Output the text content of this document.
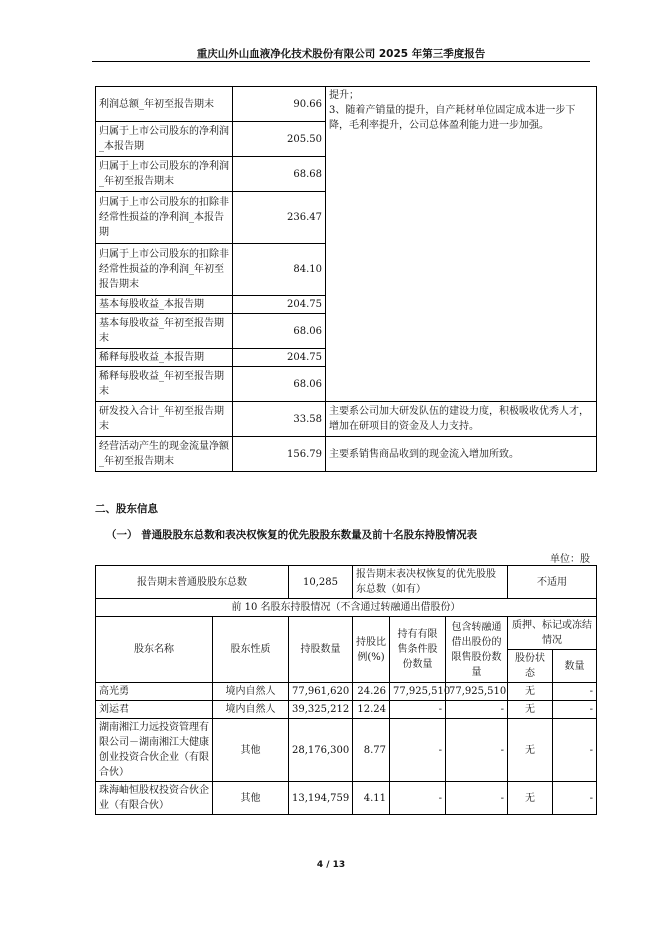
重庆山外山血液净化技术股份有限公司 2025 年第三季度报告
利润总额_年初至报告期末	90.66	提升；
3、随着产销量的提升，自产耗材单位固定成本进一步下降，毛利率提升，公司总体盈利能力进一步加强。

归属于上市公司股东的净利润_本报告期	205.50	
归属于上市公司股东的净利润_年初至报告期末	68.68	
归属于上市公司股东的扣除非经常性损益的净利润_本报告期	236.47	
归属于上市公司股东的扣除非经常性损益的净利润_年初至报告期末	84.10	
基本每股收益_本报告期	204.75	
基本每股收益_年初至报告期末	68.06	
稀释每股收益_本报告期	204.75	
稀释每股收益_年初至报告期末	68.06	
研发投入合计_年初至报告期末	33.58	主要系公司加大研发队伍的建设力度，积极吸收优秀人才，增加在研项目的资金及人力支持。
经营活动产生的现金流量净额_年初至报告期末	156.79	主要系销售商品收到的现金流入增加所致。
二、股东信息
（一） 普通股股东总数和表决权恢复的优先股股东数量及前十名股东持股情况表
单位：股
报告期末普通股股东总数		10,285	报告期末表决权恢复的优先股股东总数（如有）			不适用	
前 10 名股东持股情况（不含通过转融通出借股份）							
股东名称	股东性质	持股数量	持股比例(%)	持有有限售条件股份数量	包含转融通借出股份的限售股份数量	质押、标记或冻结情况	
						股份状态	数量
高光勇	境内自然人	77,961,620	24.26	77,925,510	77,925,510	无	-
刘运君	境内自然人	39,325,212	12.24	-	-	无	-
湖南湘江力远投资管理有限公司－湖南湘江大健康创业投资合伙企业（有限合伙）	其他	28,176,300	8.77	-	-	无	-
珠海岫恒股权投资合伙企业（有限合伙）	其他	13,194,759	4.11	-	-	无	-
4 / 13
